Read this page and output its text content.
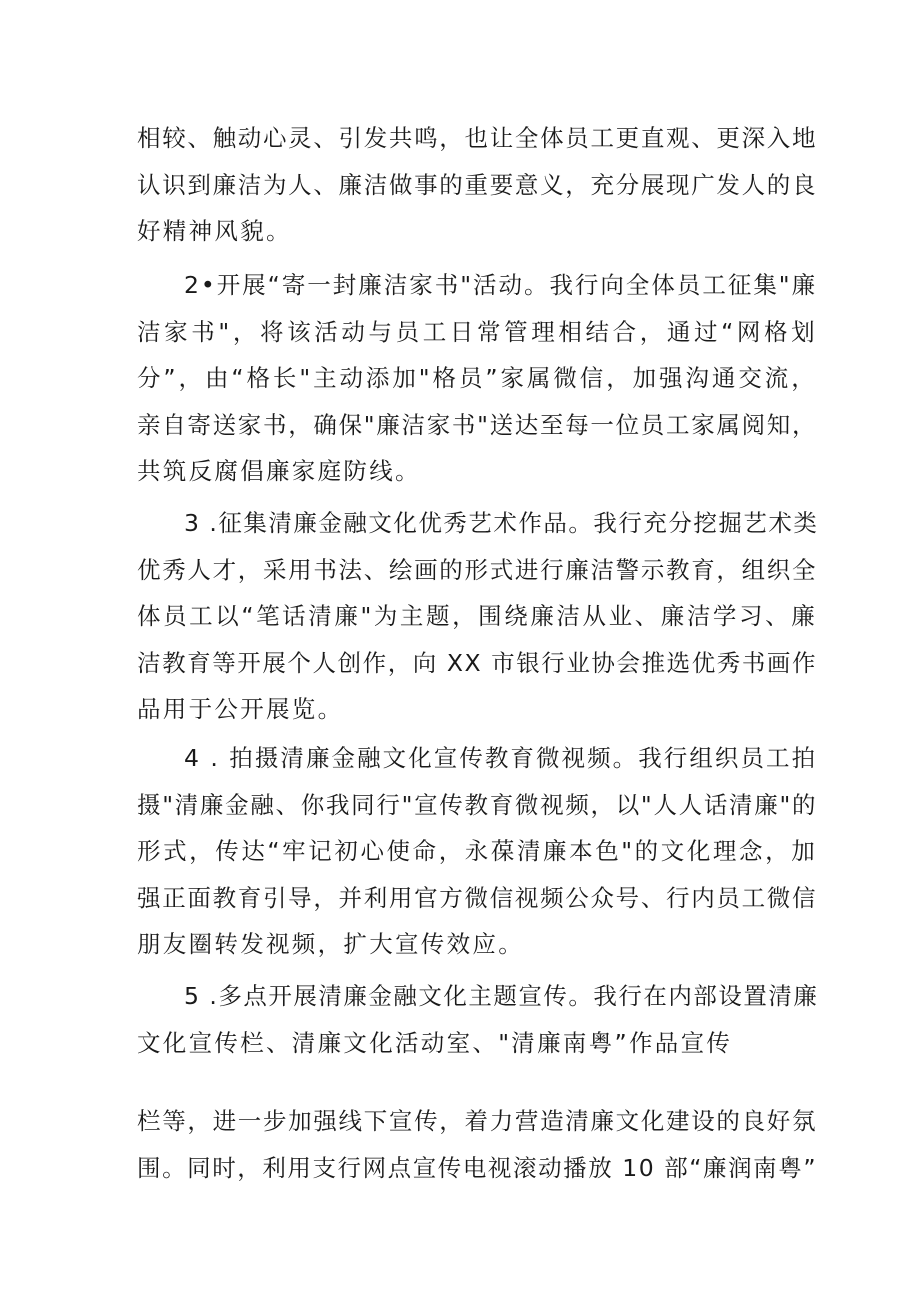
相较、触动心灵、引发共鸣，也让全体员工更直观、更深入地
认识到廉洁为人、廉洁做事的重要意义，充分展现广发人的良
好精神风貌。
2•开展“寄一封廉洁家书"活动。我行向全体员工征集"廉
洁家书"，将该活动与员工日常管理相结合，通过“网格划
分”，由“格长"主动添加"格员”家属微信，加强沟通交流，
亲自寄送家书，确保"廉洁家书"送达至每一位员工家属阅知，
共筑反腐倡廉家庭防线。
3 .征集清廉金融文化优秀艺术作品。我行充分挖掘艺术类
优秀人才，采用书法、绘画的形式进行廉洁警示教育，组织全
体员工以“笔话清廉"为主题，围绕廉洁从业、廉洁学习、廉
洁教育等开展个人创作，向 XX 市银行业协会推选优秀书画作
品用于公开展览。
4 . 拍摄清廉金融文化宣传教育微视频。我行组织员工拍
摄"清廉金融、你我同行"宣传教育微视频，以"人人话清廉"的
形式，传达“牢记初心使命，永葆清廉本色"的文化理念，加
强正面教育引导，并利用官方微信视频公众号、行内员工微信
朋友圈转发视频，扩大宣传效应。
5 .多点开展清廉金融文化主题宣传。我行在内部设置清廉
文化宣传栏、清廉文化活动室、"清廉南粤”作品宣传
栏等，进一步加强线下宣传，着力营造清廉文化建设的良好氛
围。同时，利用支行网点宣传电视滚动播放 10 部“廉润南粤”
